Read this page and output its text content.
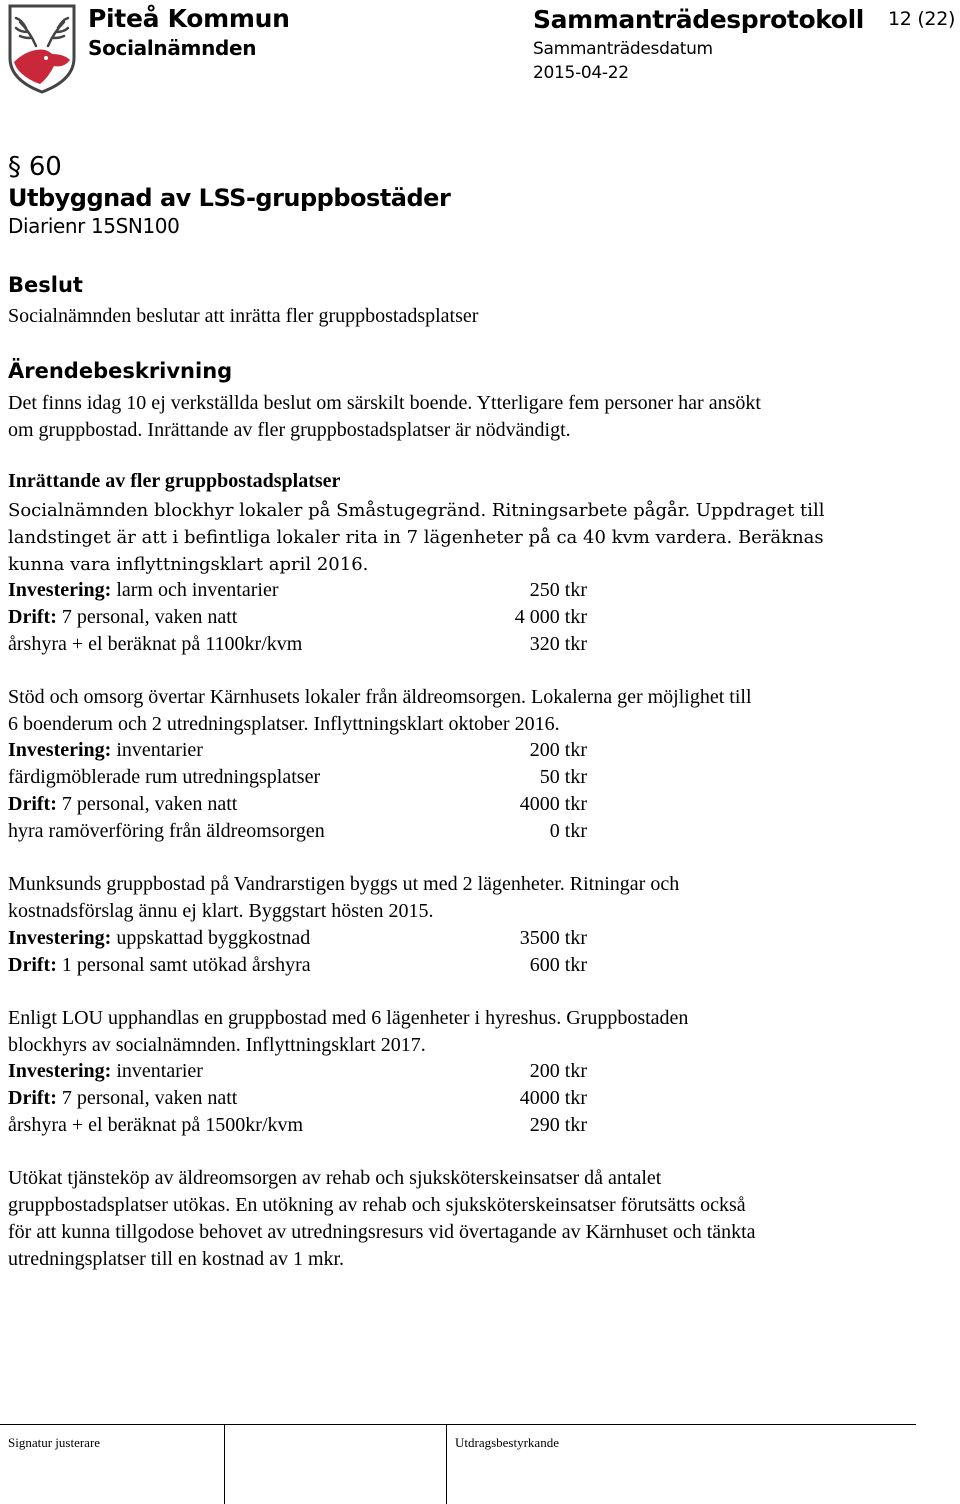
Piteå Kommun
Socialnämnden
Sammanträdesprotokoll 12 (22)
Sammanträdesdatum
2015-04-22
§ 60
Utbyggnad av LSS-gruppbostäder
Diarienr 15SN100
Beslut

Socialnämnden beslutar att inrätta fler gruppbostadsplatser

Ärendebeskrivning

Det finns idag 10 ej verkställda beslut om särskilt boende. Ytterligare fem personer har ansökt

om gruppbostad. Inrättande av fler gruppbostadsplatser är nödvändigt.

Inrättande av fler gruppbostadsplatser

Socialnämnden blockhyr lokaler på Småstugegränd. Ritningsarbete pågår. Uppdraget till

landstinget är att i befintliga lokaler rita in 7 lägenheter på ca 40 kvm vardera. Beräknas

kunna vara inflyttningsklart april 2016.

Investering: larm och inventarier	250 tkr
Drift: 7 personal, vaken natt	4 000 tkr
årshyra + el beräknat på 1100kr/kvm	320 tkr

Stöd och omsorg övertar Kärnhusets lokaler från äldreomsorgen. Lokalerna ger möjlighet till

6 boenderum och 2 utredningsplatser. Inflyttningsklart oktober 2016.

Investering: inventarier	200 tkr
färdigmöblerade rum utredningsplatser	50 tkr
Drift: 7 personal, vaken natt	4000 tkr
hyra ramöverföring från äldreomsorgen	0 tkr

Munksunds gruppbostad på Vandrarstigen byggs ut med 2 lägenheter. Ritningar och

kostnadsförslag ännu ej klart. Byggstart hösten 2015.

Investering: uppskattad byggkostnad	3500 tkr
Drift: 1 personal samt utökad årshyra	600 tkr

Enligt LOU upphandlas en gruppbostad med 6 lägenheter i hyreshus. Gruppbostaden

blockhyrs av socialnämnden. Inflyttningsklart 2017.

Investering: inventarier	200 tkr
Drift: 7 personal, vaken natt	4000 tkr
årshyra + el beräknat på 1500kr/kvm	290 tkr

Utökat tjänsteköp av äldreomsorgen av rehab och sjuksköterskeinsatser då antalet

gruppbostadsplatser utökas. En utökning av rehab och sjuksköterskeinsatser förutsätts också

för att kunna tillgodose behovet av utredningsresurs vid övertagande av Kärnhuset och tänkta

utredningsplatser till en kostnad av 1 mkr.

Signatur justerare	Utdragsbestyrkande
